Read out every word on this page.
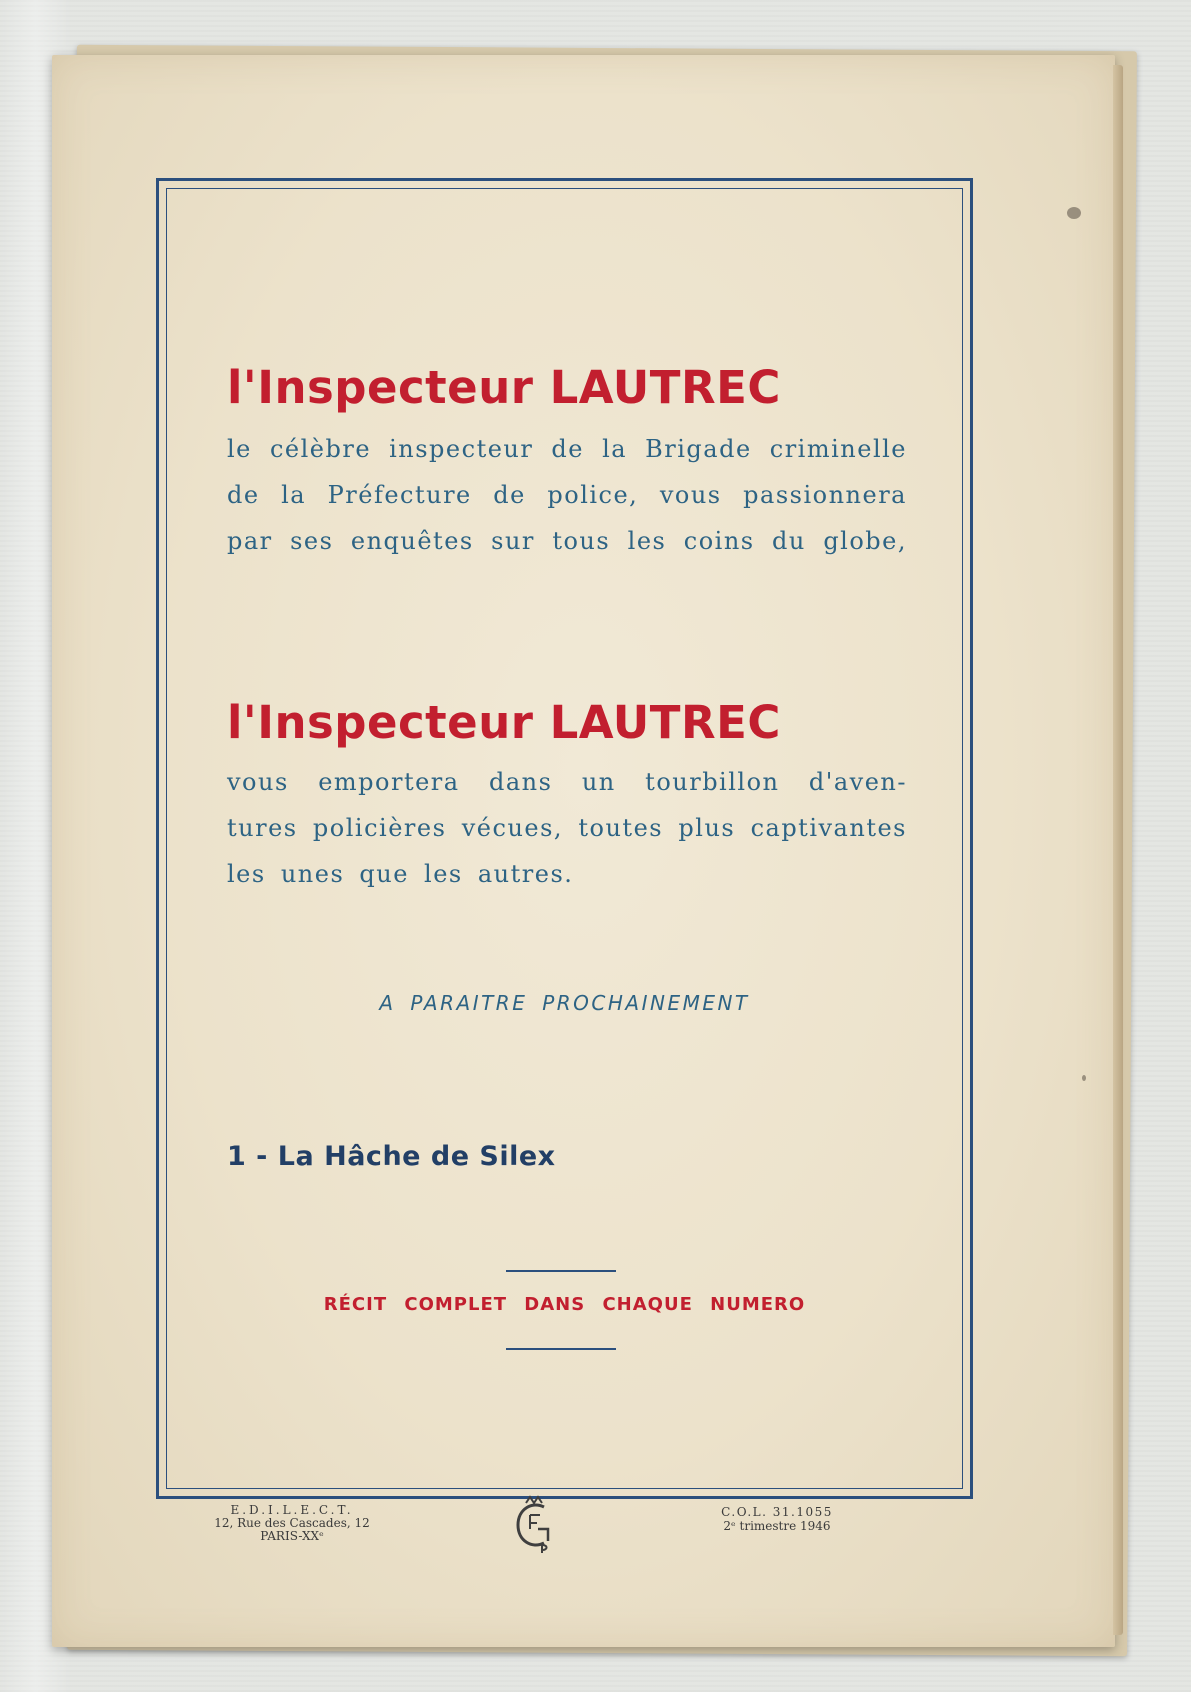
l'Inspecteur LAUTREC
le célèbre inspecteur de la Brigade criminelle
de la Préfecture de police, vous passionnera
par ses enquêtes sur tous les coins du globe,
l'Inspecteur LAUTREC
vous emportera dans un tourbillon d'aven-
tures policières vécues, toutes plus captivantes
les unes que les autres.
A PARAITRE PROCHAINEMENT
1 - La Hâche de Silex
RÉCIT COMPLET DANS CHAQUE NUMERO
E.D.I.L.E.C.T.
12, Rue des Cascades, 12
PARIS-XXᵉ
C.O.L. 31.1055
2ᵉ trimestre 1946
